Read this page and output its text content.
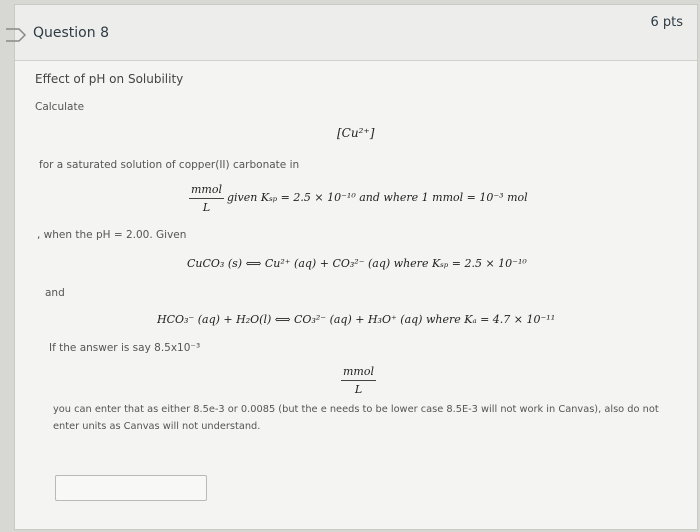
Question 8
6 pts
Effect of pH on Solubility
Calculate
[Cu²⁺]
for a saturated solution of copper(II) carbonate in
mmol
L
given Kₛₚ = 2.5 × 10⁻¹⁰ and where 1 mmol = 10⁻³ mol
, when the pH = 2.00. Given
CuCO₃ (s) ⟺ Cu²⁺ (aq) + CO₃²⁻ (aq) where Kₛₚ = 2.5 × 10⁻¹⁰
and
HCO₃⁻ (aq) + H₂O(l) ⟺ CO₃²⁻ (aq) + H₃O⁺ (aq) where Kₐ = 4.7 × 10⁻¹¹
If the answer is say 8.5x10⁻³
mmol
L
you can enter that as either 8.5e-3 or 0.0085 (but the e needs to be lower case 8.5E-3 will not work in Canvas), also do not
enter units as Canvas will not understand.
